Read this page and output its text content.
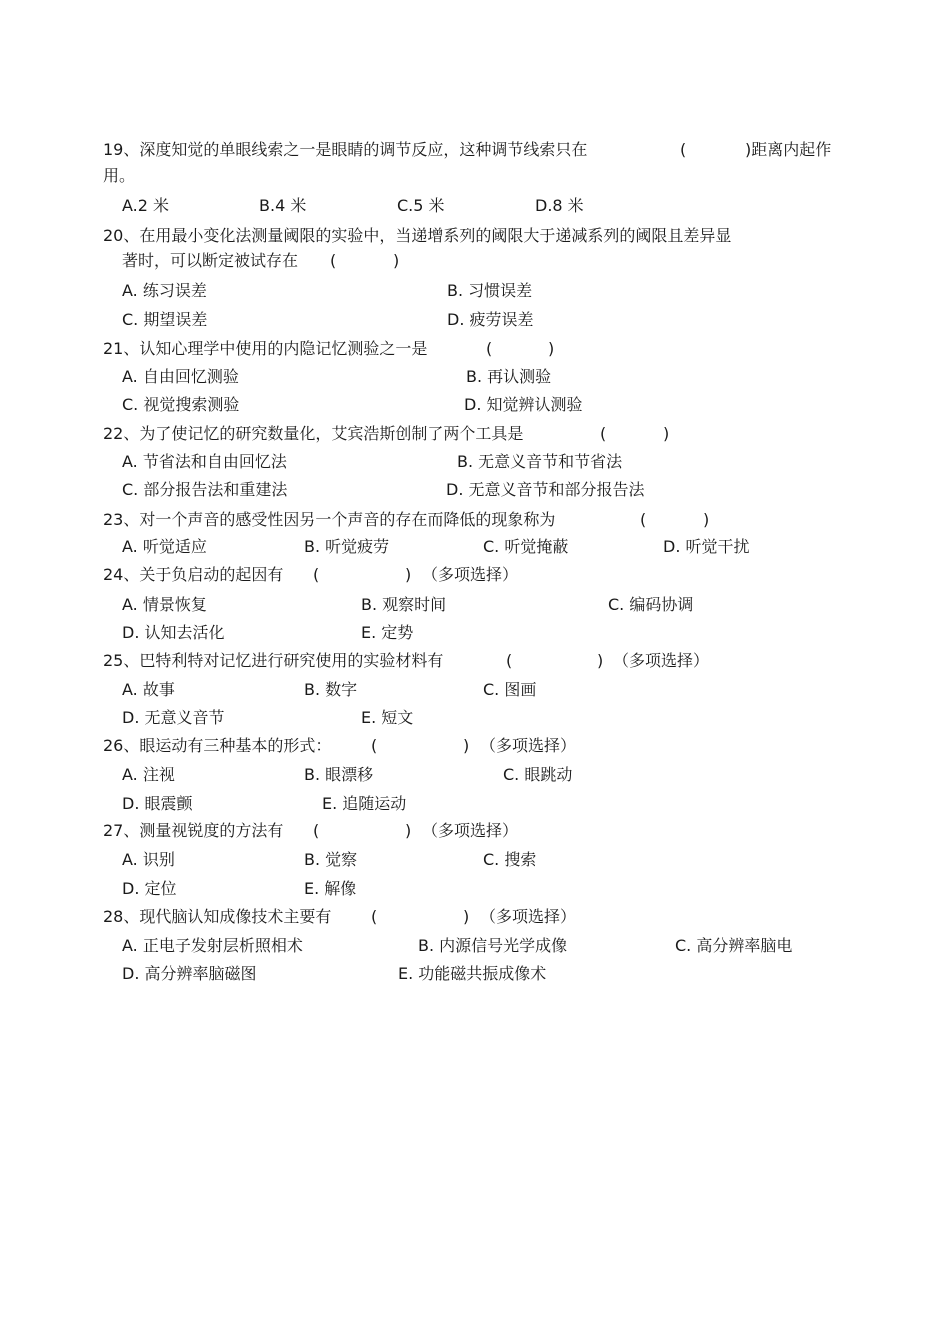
19、深度知觉的单眼线索之一是眼睛的调节反应，这种调节线索只在	(	)距离内起作
用。
A.2 米	B.4 米	C.5 米	D.8 米
20、在用最小变化法测量阈限的实验中，当递增系列的阈限大于递减系列的阈限且差异显
著时，可以断定被试存在 (	)
A. 练习误差	B. 习惯误差
C. 期望误差	D. 疲劳误差
21、认知心理学中使用的内隐记忆测验之一是	(	)
A. 自由回忆测验	B. 再认测验
C. 视觉搜索测验	D. 知觉辨认测验
22、为了使记忆的研究数量化，艾宾浩斯创制了两个工具是	(	)
A. 节省法和自由回忆法	B. 无意义音节和节省法
C. 部分报告法和重建法	D. 无意义音节和部分报告法
23、对一个声音的感受性因另一个声音的存在而降低的现象称为	(	)
A. 听觉适应	B. 听觉疲劳	C. 听觉掩蔽	D. 听觉干扰
24、关于负启动的起因有 (	) （多项选择）
A. 情景恢复	B. 观察时间	C. 编码协调
D. 认知去活化	E. 定势
25、巴特利特对记忆进行研究使用的实验材料有	(	) （多项选择）
A. 故事	B. 数字	C. 图画
D. 无意义音节	E. 短文
26、眼运动有三种基本的形式： (	) （多项选择）
A. 注视	B. 眼漂移	C. 眼跳动
D. 眼震颤	E. 追随运动
27、测量视锐度的方法有 (	) （多项选择）
A. 识别	B. 觉察	C. 搜索
D. 定位	E. 解像
28、现代脑认知成像技术主要有 (	) （多项选择）
A. 正电子发射层析照相术	B. 内源信号光学成像	C. 高分辨率脑电
D. 高分辨率脑磁图	E. 功能磁共振成像术
